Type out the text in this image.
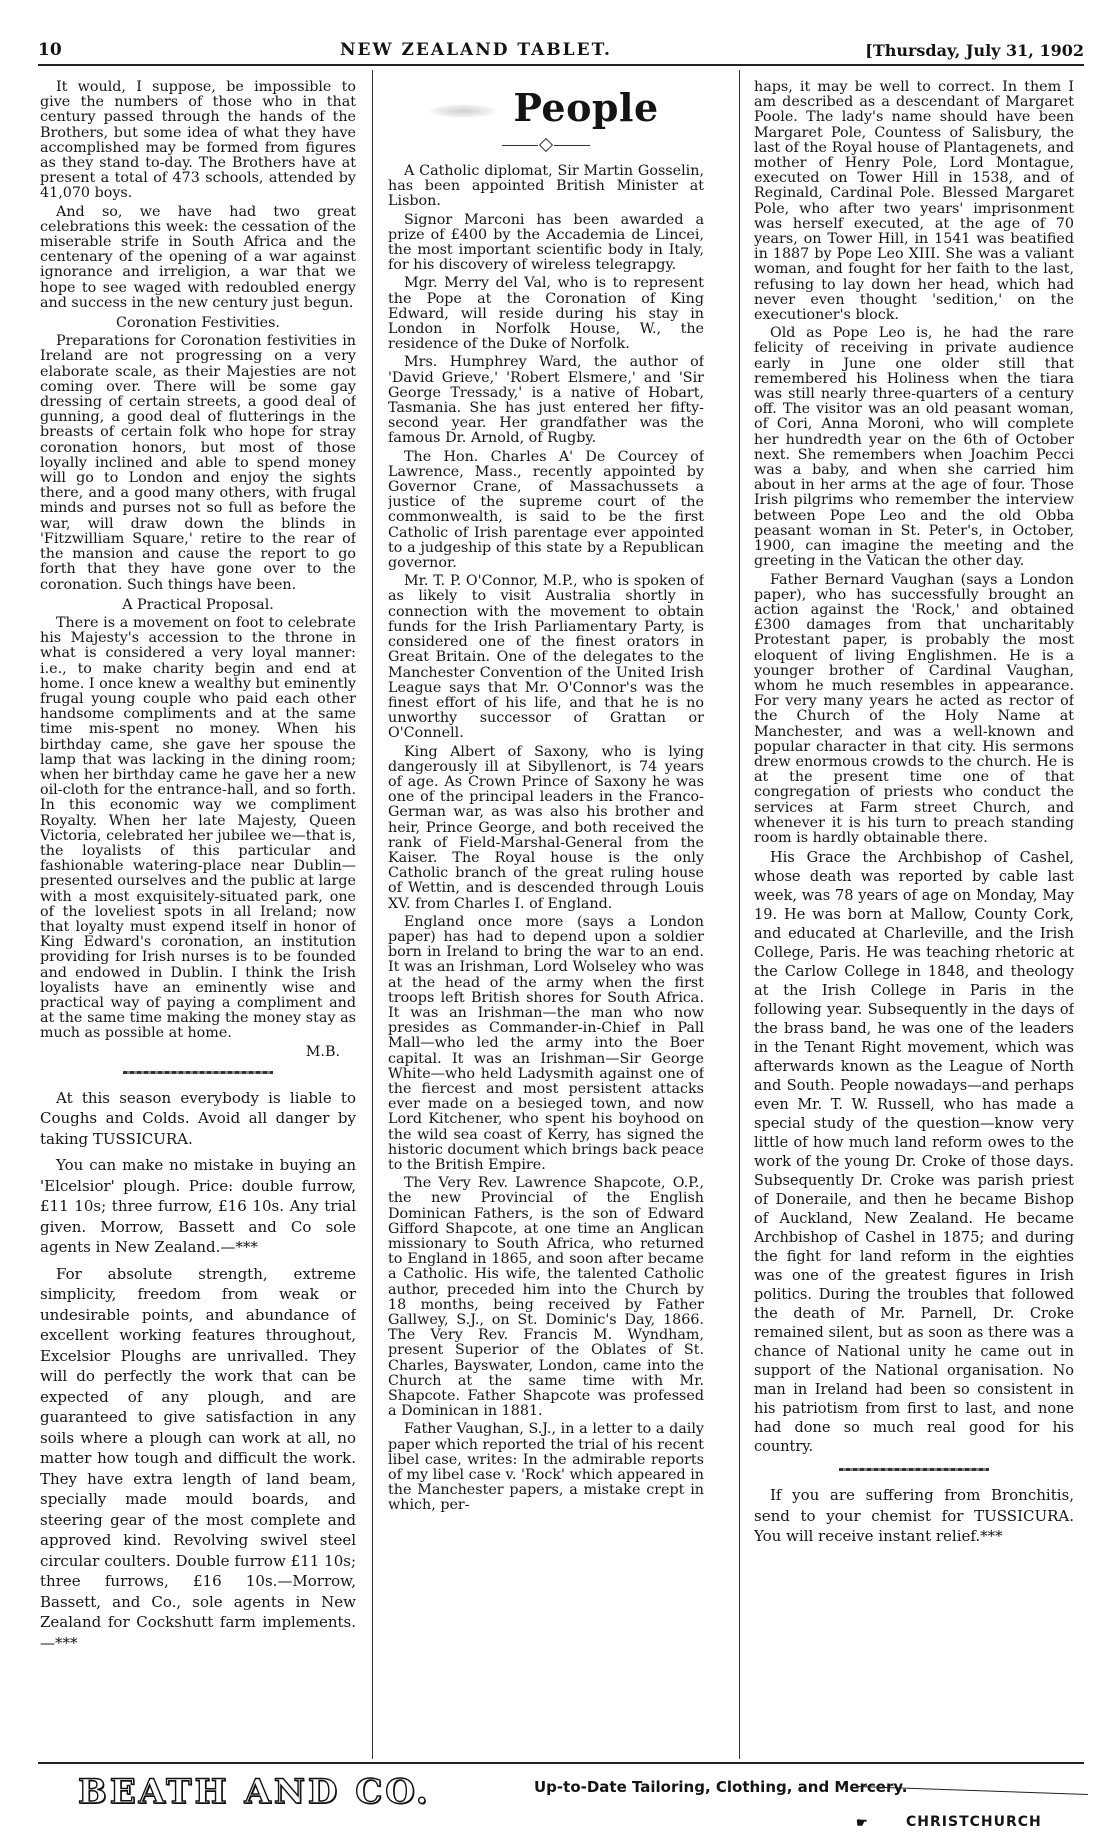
10	NEW ZEALAND TABLET.	[Thursday, July 31, 1902

It would, I suppose, be impossible to give the numbers of those who in that century passed through the hands of the Brothers, but some idea of what they have accomplished may be formed from figures as they stand to-day. The Brothers have at present a total of 473 schools, attended by 41,070 boys.

And so, we have had two great celebrations this week: the cessation of the miserable strife in South Africa and the centenary of the opening of a war against ignorance and irreligion, a war that we hope to see waged with redoubled energy and success in the new century just begun.

Coronation Festivities.

Preparations for Coronation festivities in Ireland are not progressing on a very elaborate scale, as their Majesties are not coming over. There will be some gay dressing of certain streets, a good deal of gunning, a good deal of flutterings in the breasts of certain folk who hope for stray coronation honors, but most of those loyally inclined and able to spend money will go to London and enjoy the sights there, and a good many others, with frugal minds and purses not so full as before the war, will draw down the blinds in 'Fitzwilliam Square,' retire to the rear of the mansion and cause the report to go forth that they have gone over to the coronation. Such things have been.

A Practical Proposal.

There is a movement on foot to celebrate his Majesty's accession to the throne in what is considered a very loyal manner: i.e., to make charity begin and end at home. I once knew a wealthy but eminently frugal young couple who paid each other handsome compliments and at the same time mis-spent no money. When his birthday came, she gave her spouse the lamp that was lacking in the dining room; when her birthday came he gave her a new oil-cloth for the entrance-hall, and so forth. In this economic way we compliment Royalty. When her late Majesty, Queen Victoria, celebrated her jubilee we—that is, the loyalists of this particular and fashionable watering-place near Dublin—presented ourselves and the public at large with a most exquisitely-situated park, one of the loveliest spots in all Ireland; now that loyalty must expend itself in honor of King Edward's coronation, an institution providing for Irish nurses is to be founded and endowed in Dublin. I think the Irish loyalists have an eminently wise and practical way of paying a compliment and at the same time making the money stay as much as possible at home.

M.B.

At this season everybody is liable to Coughs and Colds. Avoid all danger by taking TUSSICURA.

You can make no mistake in buying an 'Elcelsior' plough. Price: double furrow, £11 10s; three furrow, £16 10s. Any trial given. Morrow, Bassett and Co sole agents in New Zealand.—***

For absolute strength, extreme simplicity, freedom from weak or undesirable points, and abundance of excellent working features throughout, Excelsior Ploughs are unrivalled. They will do perfectly the work that can be expected of any plough, and are guaranteed to give satisfaction in any soils where a plough can work at all, no matter how tough and difficult the work. They have extra length of land beam, specially made mould boards, and steering gear of the most complete and approved kind. Revolving swivel steel circular coulters. Double furrow £11 10s; three furrows, £16 10s.—Morrow, Bassett, and Co., sole agents in New Zealand for Cockshutt farm implements.—***

People

A Catholic diplomat, Sir Martin Gosselin, has been appointed British Minister at Lisbon.

Signor Marconi has been awarded a prize of £400 by the Accademia de Lincei, the most important scientific body in Italy, for his discovery of wireless telegrapgy.

Mgr. Merry del Val, who is to represent the Pope at the Coronation of King Edward, will reside during his stay in London in Norfolk House, W., the residence of the Duke of Norfolk.

Mrs. Humphrey Ward, the author of 'David Grieve,' 'Robert Elsmere,' and 'Sir George Tressady,' is a native of Hobart, Tasmania. She has just entered her fifty-second year. Her grandfather was the famous Dr. Arnold, of Rugby.

The Hon. Charles A' De Courcey of Lawrence, Mass., recently appointed by Governor Crane, of Massachussets a justice of the supreme court of the commonwealth, is said to be the first Catholic of Irish parentage ever appointed to a judgeship of this state by a Republican governor.

Mr. T. P. O'Connor, M.P., who is spoken of as likely to visit Australia shortly in connection with the movement to obtain funds for the Irish Parliamentary Party, is considered one of the finest orators in Great Britain. One of the delegates to the Manchester Convention of the United Irish League says that Mr. O'Connor's was the finest effort of his life, and that he is no unworthy successor of Grattan or O'Connell.

King Albert of Saxony, who is lying dangerously ill at Sibyllenort, is 74 years of age. As Crown Prince of Saxony he was one of the principal leaders in the Franco-German war, as was also his brother and heir, Prince George, and both received the rank of Field-Marshal-General from the Kaiser. The Royal house is the only Catholic branch of the great ruling house of Wettin, and is descended through Louis XV. from Charles I. of England.

England once more (says a London paper) has had to depend upon a soldier born in Ireland to bring the war to an end. It was an Irishman, Lord Wolseley who was at the head of the army when the first troops left British shores for South Africa. It was an Irishman—the man who now presides as Commander-in-Chief in Pall Mall—who led the army into the Boer capital. It was an Irishman—Sir George White—who held Ladysmith against one of the fiercest and most persistent attacks ever made on a besieged town, and now Lord Kitchener, who spent his boyhood on the wild sea coast of Kerry, has signed the historic document which brings back peace to the British Empire.

The Very Rev. Lawrence Shapcote, O.P., the new Provincial of the English Dominican Fathers, is the son of Edward Gifford Shapcote, at one time an Anglican missionary to South Africa, who returned to England in 1865, and soon after became a Catholic. His wife, the talented Catholic author, preceded him into the Church by 18 months, being received by Father Gallwey, S.J., on St. Dominic's Day, 1866. The Very Rev. Francis M. Wyndham, present Superior of the Oblates of St. Charles, Bayswater, London, came into the Church at the same time with Mr. Shapcote. Father Shapcote was professed a Dominican in 1881.

Father Vaughan, S.J., in a letter to a daily paper which reported the trial of his recent libel case, writes: In the admirable reports of my libel case v. 'Rock' which appeared in the Manchester papers, a mistake crept in which, per-

haps, it may be well to correct. In them I am described as a descendant of Margaret Poole. The lady's name should have been Margaret Pole, Countess of Salisbury, the last of the Royal house of Plantagenets, and mother of Henry Pole, Lord Montague, executed on Tower Hill in 1538, and of Reginald, Cardinal Pole. Blessed Margaret Pole, who after two years' imprisonment was herself executed, at the age of 70 years, on Tower Hill, in 1541 was beatified in 1887 by Pope Leo XIII. She was a valiant woman, and fought for her faith to the last, refusing to lay down her head, which had never even thought 'sedition,' on the executioner's block.

Old as Pope Leo is, he had the rare felicity of receiving in private audience early in June one older still that remembered his Holiness when the tiara was still nearly three-quarters of a century off. The visitor was an old peasant woman, of Cori, Anna Moroni, who will complete her hundredth year on the 6th of October next. She remembers when Joachim Pecci was a baby, and when she carried him about in her arms at the age of four. Those Irish pilgrims who remember the interview between Pope Leo and the old Obba peasant woman in St. Peter's, in October, 1900, can imagine the meeting and the greeting in the Vatican the other day.

Father Bernard Vaughan (says a London paper), who has successfully brought an action against the 'Rock,' and obtained £300 damages from that uncharitably Protestant paper, is probably the most eloquent of living Englishmen. He is a younger brother of Cardinal Vaughan, whom he much resembles in appearance. For very many years he acted as rector of the Church of the Holy Name at Manchester, and was a well-known and popular character in that city. His sermons drew enormous crowds to the church. He is at the present time one of that congregation of priests who conduct the services at Farm street Church, and whenever it is his turn to preach standing room is hardly obtainable there.

His Grace the Archbishop of Cashel, whose death was reported by cable last week, was 78 years of age on Monday, May 19. He was born at Mallow, County Cork, and educated at Charleville, and the Irish College, Paris. He was teaching rhetoric at the Carlow College in 1848, and theology at the Irish College in Paris in the following year. Subsequently in the days of the brass band, he was one of the leaders in the Tenant Right movement, which was afterwards known as the League of North and South. People nowadays—and perhaps even Mr. T. W. Russell, who has made a special study of the question—know very little of how much land reform owes to the work of the young Dr. Croke of those days. Subsequently Dr. Croke was parish priest of Doneraile, and then he became Bishop of Auckland, New Zealand. He became Archbishop of Cashel in 1875; and during the fight for land reform in the eighties was one of the greatest figures in Irish politics. During the troubles that followed the death of Mr. Parnell, Dr. Croke remained silent, but as soon as there was a chance of National unity he came out in support of the National organisation. No man in Ireland had been so consistent in his patriotism from first to last, and none had done so much real good for his country.

If you are suffering from Bronchitis, send to your chemist for TUSSICURA. You will receive instant relief.***

BEATH AND CO.	Up-to-Date Tailoring, Clothing, and Mercery.
☛	CHRISTCHURCH
